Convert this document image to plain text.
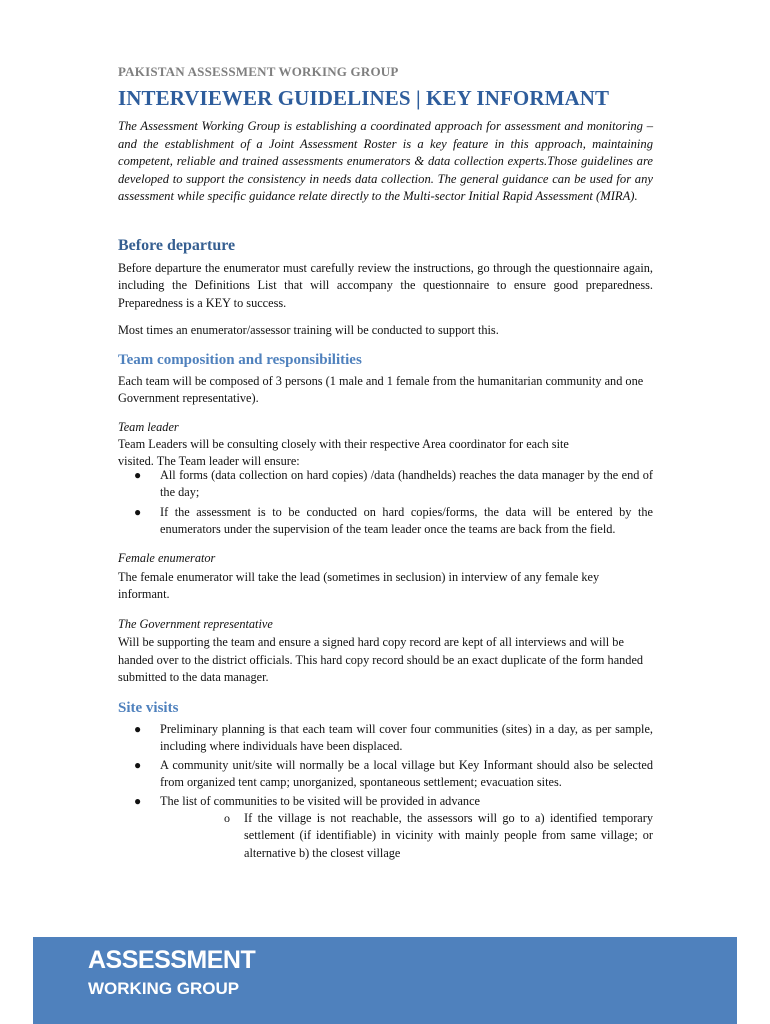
PAKISTAN ASSESSMENT WORKING GROUP
INTERVIEWER GUIDELINES | KEY INFORMANT

The Assessment Working Group is establishing a coordinated approach for assessment and monitoring – and the establishment of a Joint Assessment Roster is a key feature in this approach, maintaining competent, reliable and trained assessments enumerators & data collection experts.Those guidelines are developed to support the consistency in needs data collection. The general guidance can be used for any assessment while specific guidance relate directly to the Multi-sector Initial Rapid Assessment (MIRA).

Before departure

Before departure the enumerator must carefully review the instructions, go through the questionnaire again, including the Definitions List that will accompany the questionnaire to ensure good preparedness. Preparedness is a KEY to success.

Most times an enumerator/assessor training will be conducted to support this.

Team composition and responsibilities

Each team will be composed of 3 persons (1 male and 1 female from the humanitarian community and one Government representative).

Team leader

Team Leaders will be consulting closely with their respective Area coordinator for each site
visited. The Team leader will ensure:

● All forms (data collection on hard copies) /data (handhelds) reaches the data manager by the end of the day;
● If the assessment is to be conducted on hard copies/forms, the data will be entered by the enumerators under the supervision of the team leader once the teams are back from the field.

Female enumerator

The female enumerator will take the lead (sometimes in seclusion) in interview of any female key informant.

The Government representative

Will be supporting the team and ensure a signed hard copy record are kept of all interviews and will be handed over to the district officials. This hard copy record should be an exact duplicate of the form handed submitted to the data manager.

Site visits
● Preliminary planning is that each team will cover four communities (sites) in a day, as per sample, including where individuals have been displaced.
● A community unit/site will normally be a local village but Key Informant should also be selected from organized tent camp; unorganized, spontaneous settlement; evacuation sites.
● The list of communities to be visited will be provided in advance
o If the village is not reachable, the assessors will go to a) identified temporary settlement (if identifiable) in vicinity with mainly people from same village; or alternative b) the closest village
ASSESSMENT
WORKING GROUP
